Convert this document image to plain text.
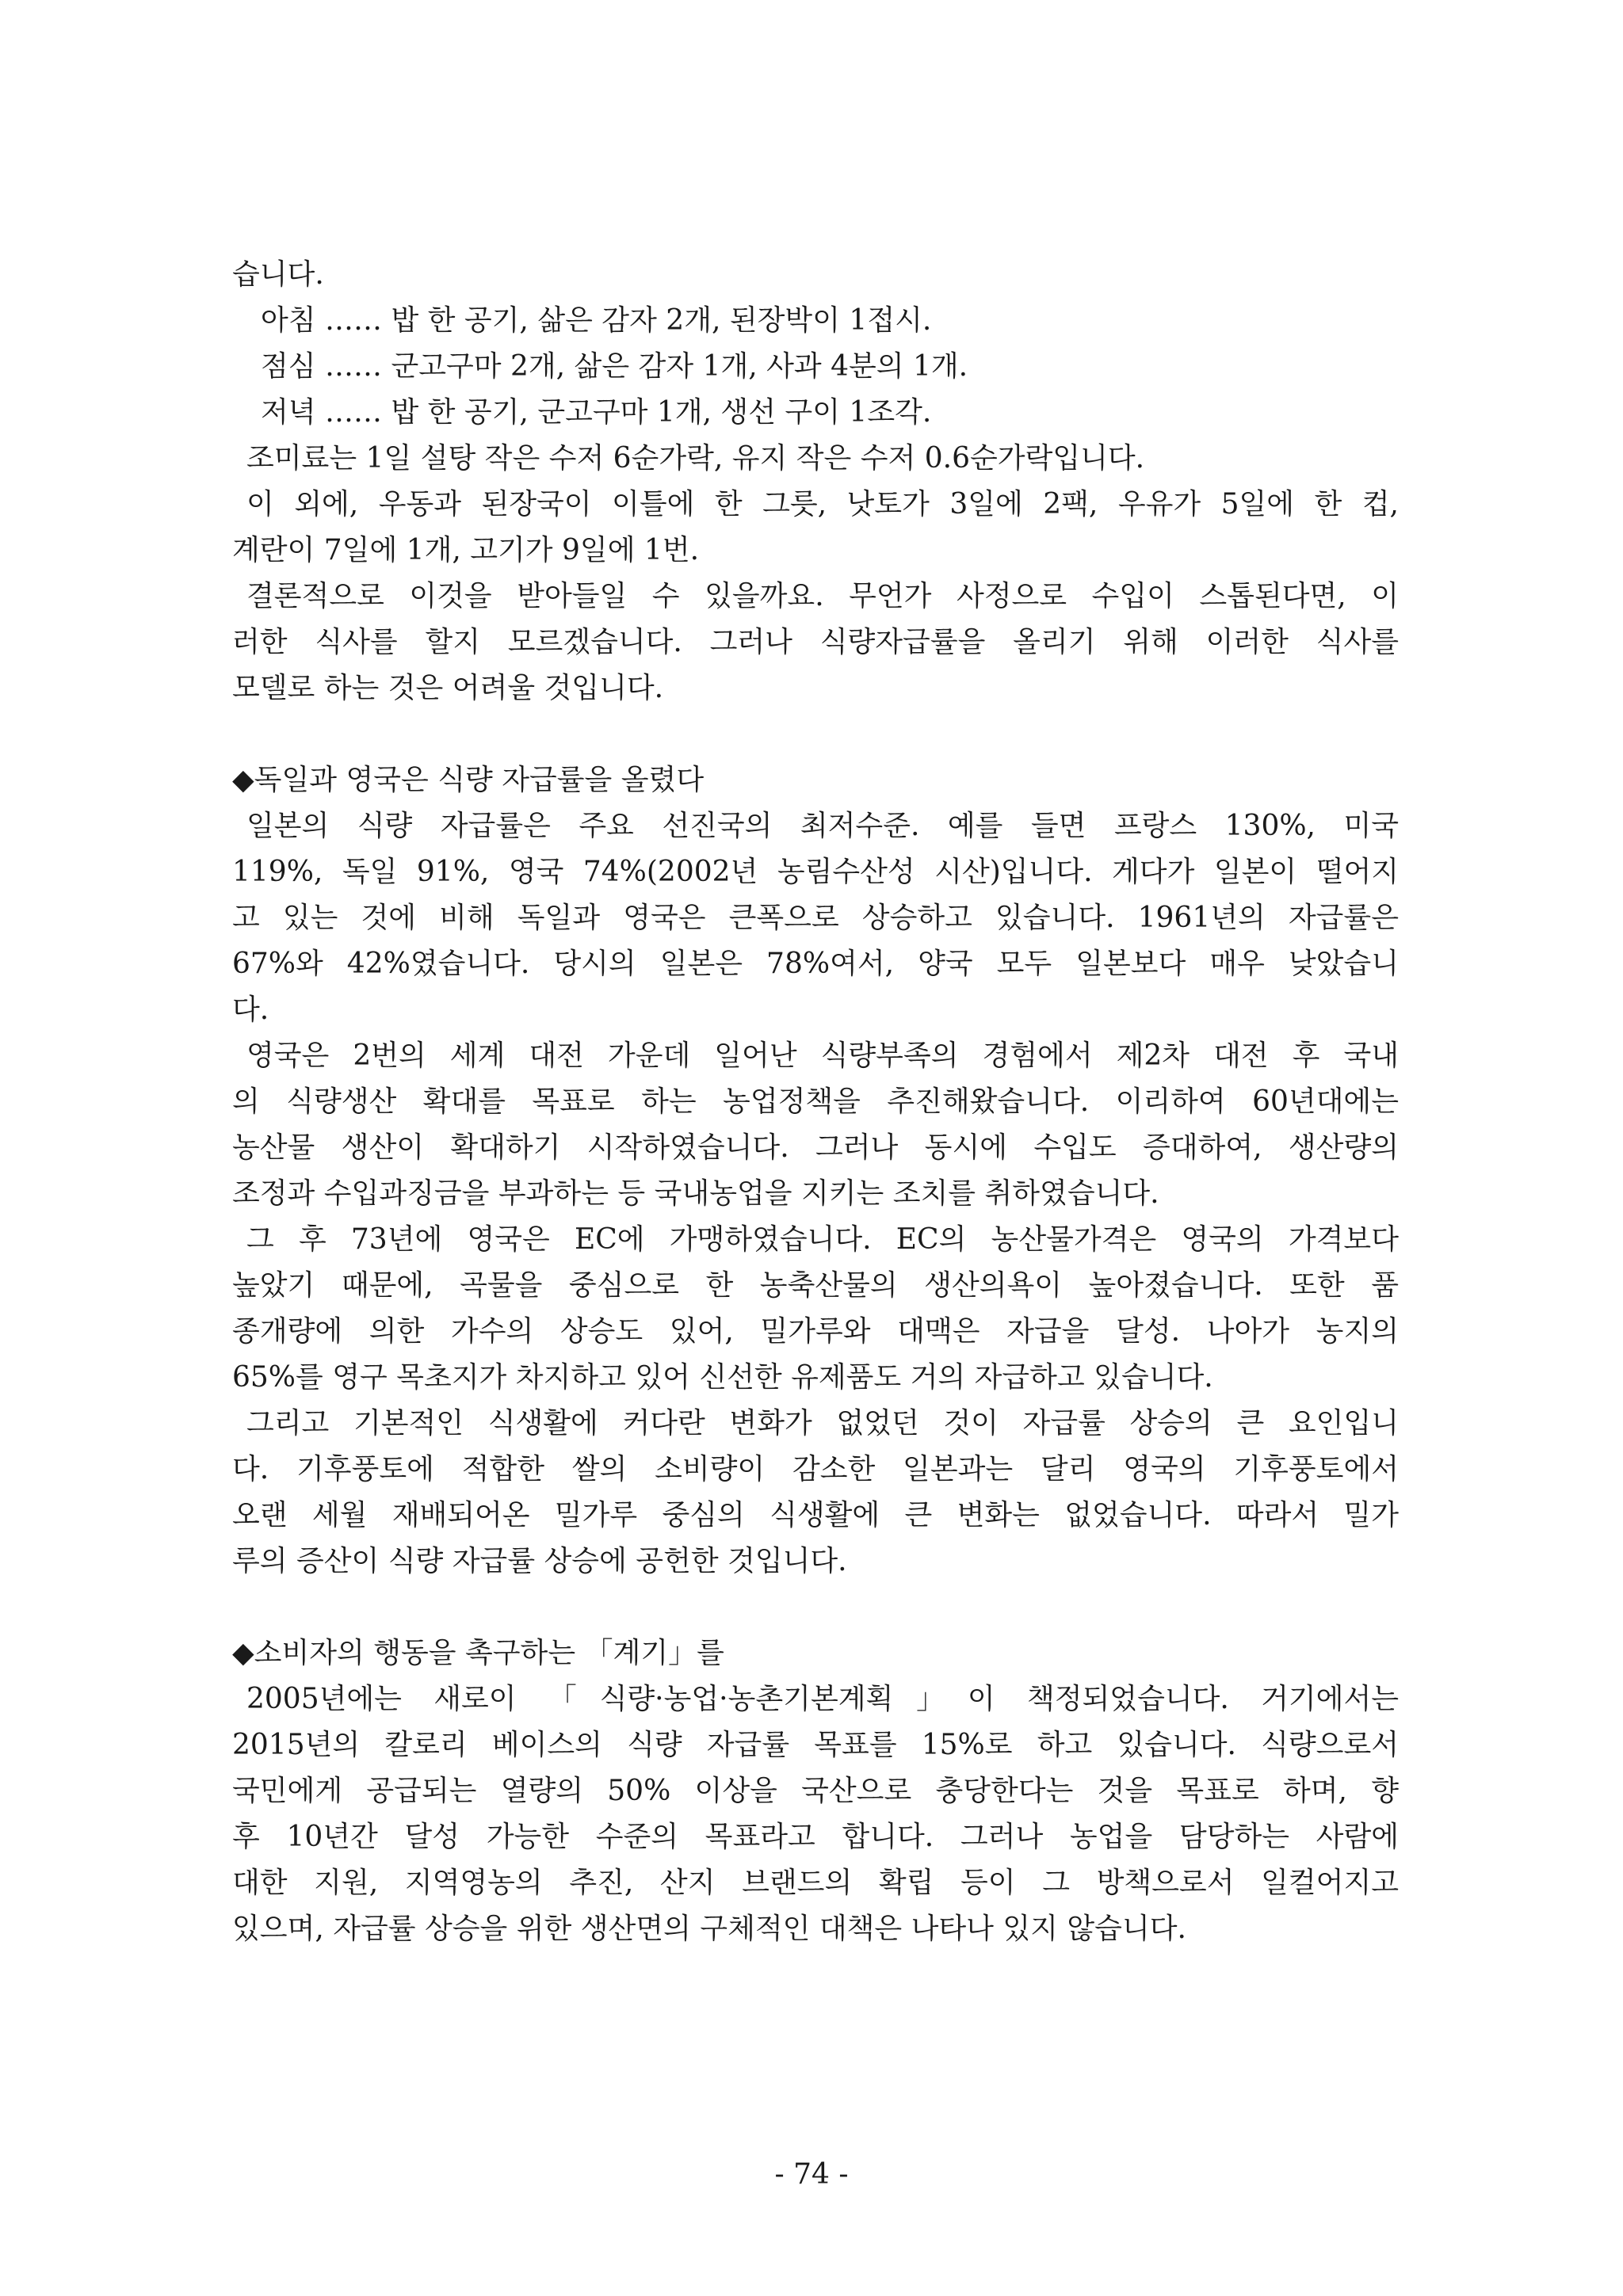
습니다.

아침 …… 밥 한 공기, 삶은 감자 2개, 된장박이 1접시.

점심 …… 군고구마 2개, 삶은 감자 1개, 사과 4분의 1개.

저녁 …… 밥 한 공기, 군고구마 1개, 생선 구이 1조각.

조미료는 1일 설탕 작은 수저 6순가락, 유지 작은 수저 0.6순가락입니다.

이 외에, 우동과 된장국이 이틀에 한 그릇, 낫토가 3일에 2팩, 우유가 5일에 한 컵,

계란이 7일에 1개, 고기가 9일에 1번.

결론적으로 이것을 받아들일 수 있을까요. 무언가 사정으로 수입이 스톱된다면, 이

러한 식사를 할지 모르겠습니다. 그러나 식량자급률을 올리기 위해 이러한 식사를

모델로 하는 것은 어려울 것입니다.

◆독일과 영국은 식량 자급률을 올렸다

일본의 식량 자급률은 주요 선진국의 최저수준. 예를 들면 프랑스 130%, 미국

119%, 독일 91%, 영국 74%(2002년 농림수산성 시산)입니다. 게다가 일본이 떨어지

고 있는 것에 비해 독일과 영국은 큰폭으로 상승하고 있습니다. 1961년의 자급률은

67%와 42%였습니다. 당시의 일본은 78%여서, 양국 모두 일본보다 매우 낮았습니

다.

영국은 2번의 세계 대전 가운데 일어난 식량부족의 경험에서 제2차 대전 후 국내

의 식량생산 확대를 목표로 하는 농업정책을 추진해왔습니다. 이리하여 60년대에는

농산물 생산이 확대하기 시작하였습니다. 그러나 동시에 수입도 증대하여, 생산량의

조정과 수입과징금을 부과하는 등 국내농업을 지키는 조치를 취하였습니다.

그 후 73년에 영국은 EC에 가맹하였습니다. EC의 농산물가격은 영국의 가격보다

높았기 때문에, 곡물을 중심으로 한 농축산물의 생산의욕이 높아졌습니다. 또한 품

종개량에 의한 가수의 상승도 있어, 밀가루와 대맥은 자급을 달성. 나아가 농지의

65%를 영구 목초지가 차지하고 있어 신선한 유제품도 거의 자급하고 있습니다.

그리고 기본적인 식생활에 커다란 변화가 없었던 것이 자급률 상승의 큰 요인입니

다. 기후풍토에 적합한 쌀의 소비량이 감소한 일본과는 달리 영국의 기후풍토에서

오랜 세월 재배되어온 밀가루 중심의 식생활에 큰 변화는 없었습니다. 따라서 밀가

루의 증산이 식량 자급률 상승에 공헌한 것입니다.

◆소비자의 행동을 촉구하는 「계기」를

2005년에는 새로이 「식량·농업·농촌기본계획」이 책정되었습니다. 거기에서는

2015년의 칼로리 베이스의 식량 자급률 목표를 15%로 하고 있습니다. 식량으로서

국민에게 공급되는 열량의 50% 이상을 국산으로 충당한다는 것을 목표로 하며, 향

후 10년간 달성 가능한 수준의 목표라고 합니다. 그러나 농업을 담당하는 사람에

대한 지원, 지역영농의 추진, 산지 브랜드의 확립 등이 그 방책으로서 일컬어지고

있으며, 자급률 상승을 위한 생산면의 구체적인 대책은 나타나 있지 않습니다.

- 74 -
